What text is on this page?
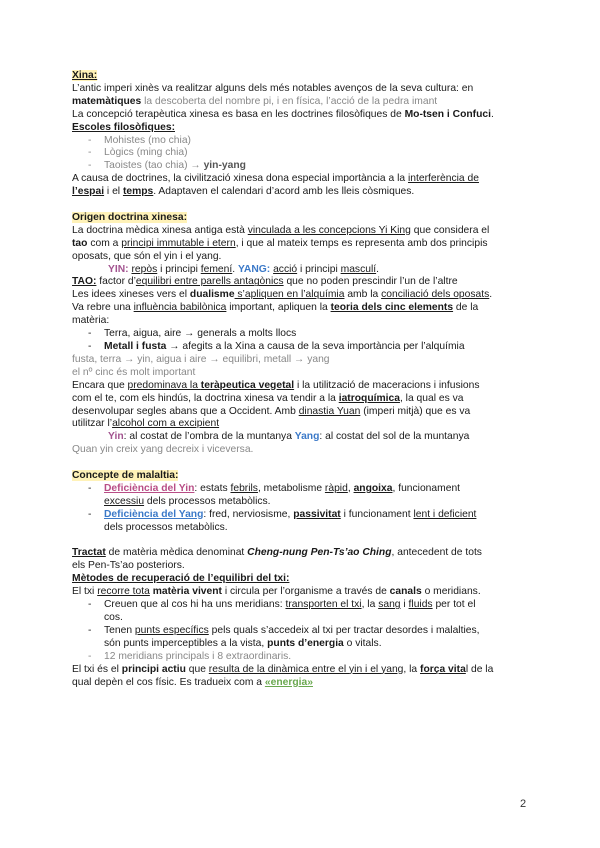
Xina:

L’antic imperi xinès va realitzar alguns dels més notables avenços de la seva cultura: en

matemàtiques la descoberta del nombre pi, i en física, l’acció de la pedra imant

La concepció terapèutica xinesa es basa en les doctrines filosòfiques de Mo-tsen i Confuci.

Escoles filosòfiques:

- Mohistes (mo chia)
- Lògics (ming chia)
- Taoistes (tao chia) → yin-yang

A causa de doctrines, la civilització xinesa dona especial importància a la interferència de

l’espai i el temps. Adaptaven el calendari d’acord amb les lleis còsmiques.

Origen doctrina xinesa:

La doctrina mèdica xinesa antiga està vinculada a les concepcions Yi King que considera el

tao com a principi immutable i etern, i que al mateix temps es representa amb dos principis

oposats, que són el yin i el yang.

YIN: repòs i principi femení. YANG: acció i principi masculí.

TAO: factor d’equilibri entre parells antagònics que no poden prescindir l’un de l’altre

Les idees xineses vers el dualisme s’apliquen en l’alquímia amb la conciliació dels oposats.

Va rebre una influència babilònica important, apliquen la teoria dels cinc elements de la

matèria:

- Terra, aigua, aire → generals a molts llocs
- Metall i fusta → afegits a la Xina a causa de la seva importància per l’alquímia

fusta, terra → yin, aigua i aire → equilibri, metall → yang

el nº cinc és molt important

Encara que predominava la teràpeutica vegetal i la utilització de maceracions i infusions

com el te, com els hindús, la doctrina xinesa va tendir a la iatroquímica, la qual es va

desenvolupar segles abans que a Occident. Amb dinastia Yuan (imperi mitjà) que es va

utilitzar l’alcohol com a excipient

Yin: al costat de l’ombra de la muntanya Yang: al costat del sol de la muntanya

Quan yin creix yang decreix i viceversa.

Concepte de malaltia:

- Deficiència del Yin: estats febrils, metabolisme ràpid, angoixa, funcionament
excessiu dels processos metabòlics.
- Deficiència del Yang: fred, nerviosisme, passivitat i funcionament lent i deficient
dels processos metabòlics.

Tractat de matèria mèdica denominat Cheng-nung Pen-Ts’ao Ching, antecedent de tots

els Pen-Ts’ao posteriors.

Mètodes de recuperació de l’equilibri del txi:

El txi recorre tota matèria vivent i circula per l’organisme a través de canals o meridians.

- Creuen que al cos hi ha uns meridians: transporten el txi, la sang i fluids per tot el
cos.
- Tenen punts específics pels quals s’accedeix al txi per tractar desordes i malalties,
són punts imperceptibles a la vista, punts d’energia o vitals.
- 12 meridians principals i 8 extraordinaris.

El txi és el principi actiu que resulta de la dinàmica entre el yin i el yang, la força vital de la

qual depèn el cos físic. Es tradueix com a «energia»

2
